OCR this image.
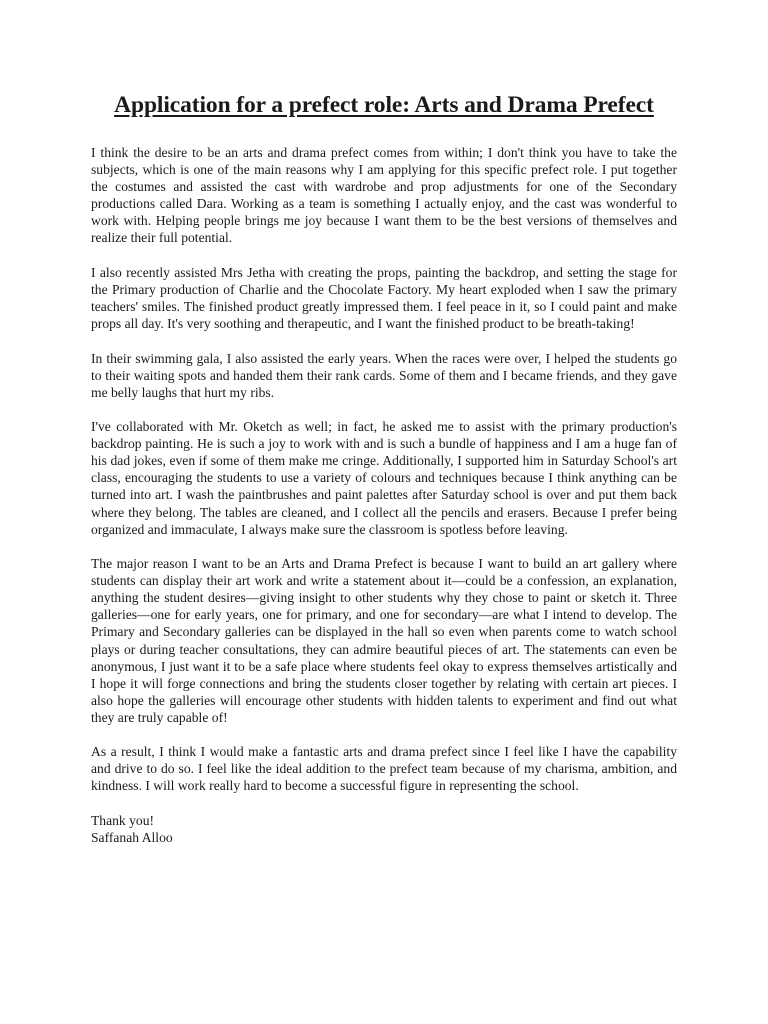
Application for a prefect role: Arts and Drama Prefect

I think the desire to be an arts and drama prefect comes from within; I don't think you have to take the subjects, which is one of the main reasons why I am applying for this specific prefect role. I put together the costumes and assisted the cast with wardrobe and prop adjustments for one of the Secondary productions called Dara. Working as a team is something I actually enjoy, and the cast was wonderful to work with. Helping people brings me joy because I want them to be the best versions of themselves and realize their full potential.

I also recently assisted Mrs Jetha with creating the props, painting the backdrop, and setting the stage for the Primary production of Charlie and the Chocolate Factory. My heart exploded when I saw the primary teachers' smiles. The finished product greatly impressed them. I feel peace in it, so I could paint and make props all day. It's very soothing and therapeutic, and I want the finished product to be breath-taking!

In their swimming gala, I also assisted the early years. When the races were over, I helped the students go to their waiting spots and handed them their rank cards. Some of them and I became friends, and they gave me belly laughs that hurt my ribs.

I've collaborated with Mr. Oketch as well; in fact, he asked me to assist with the primary production's backdrop painting. He is such a joy to work with and is such a bundle of happiness and I am a huge fan of his dad jokes, even if some of them make me cringe. Additionally, I supported him in Saturday School's art class, encouraging the students to use a variety of colours and techniques because I think anything can be turned into art. I wash the paintbrushes and paint palettes after Saturday school is over and put them back where they belong. The tables are cleaned, and I collect all the pencils and erasers. Because I prefer being organized and immaculate, I always make sure the classroom is spotless before leaving.

The major reason I want to be an Arts and Drama Prefect is because I want to build an art gallery where students can display their art work and write a statement about it—could be a confession, an explanation, anything the student desires—giving insight to other students why they chose to paint or sketch it. Three galleries—one for early years, one for primary, and one for secondary—are what I intend to develop. The Primary and Secondary galleries can be displayed in the hall so even when parents come to watch school plays or during teacher consultations, they can admire beautiful pieces of art. The statements can even be anonymous, I just want it to be a safe place where students feel okay to express themselves artistically and I hope it will forge connections and bring the students closer together by relating with certain art pieces. I also hope the galleries will encourage other students with hidden talents to experiment and find out what they are truly capable of!

As a result, I think I would make a fantastic arts and drama prefect since I feel like I have the capability and drive to do so. I feel like the ideal addition to the prefect team because of my charisma, ambition, and kindness. I will work really hard to become a successful figure in representing the school.

Thank you!

Saffanah Alloo
